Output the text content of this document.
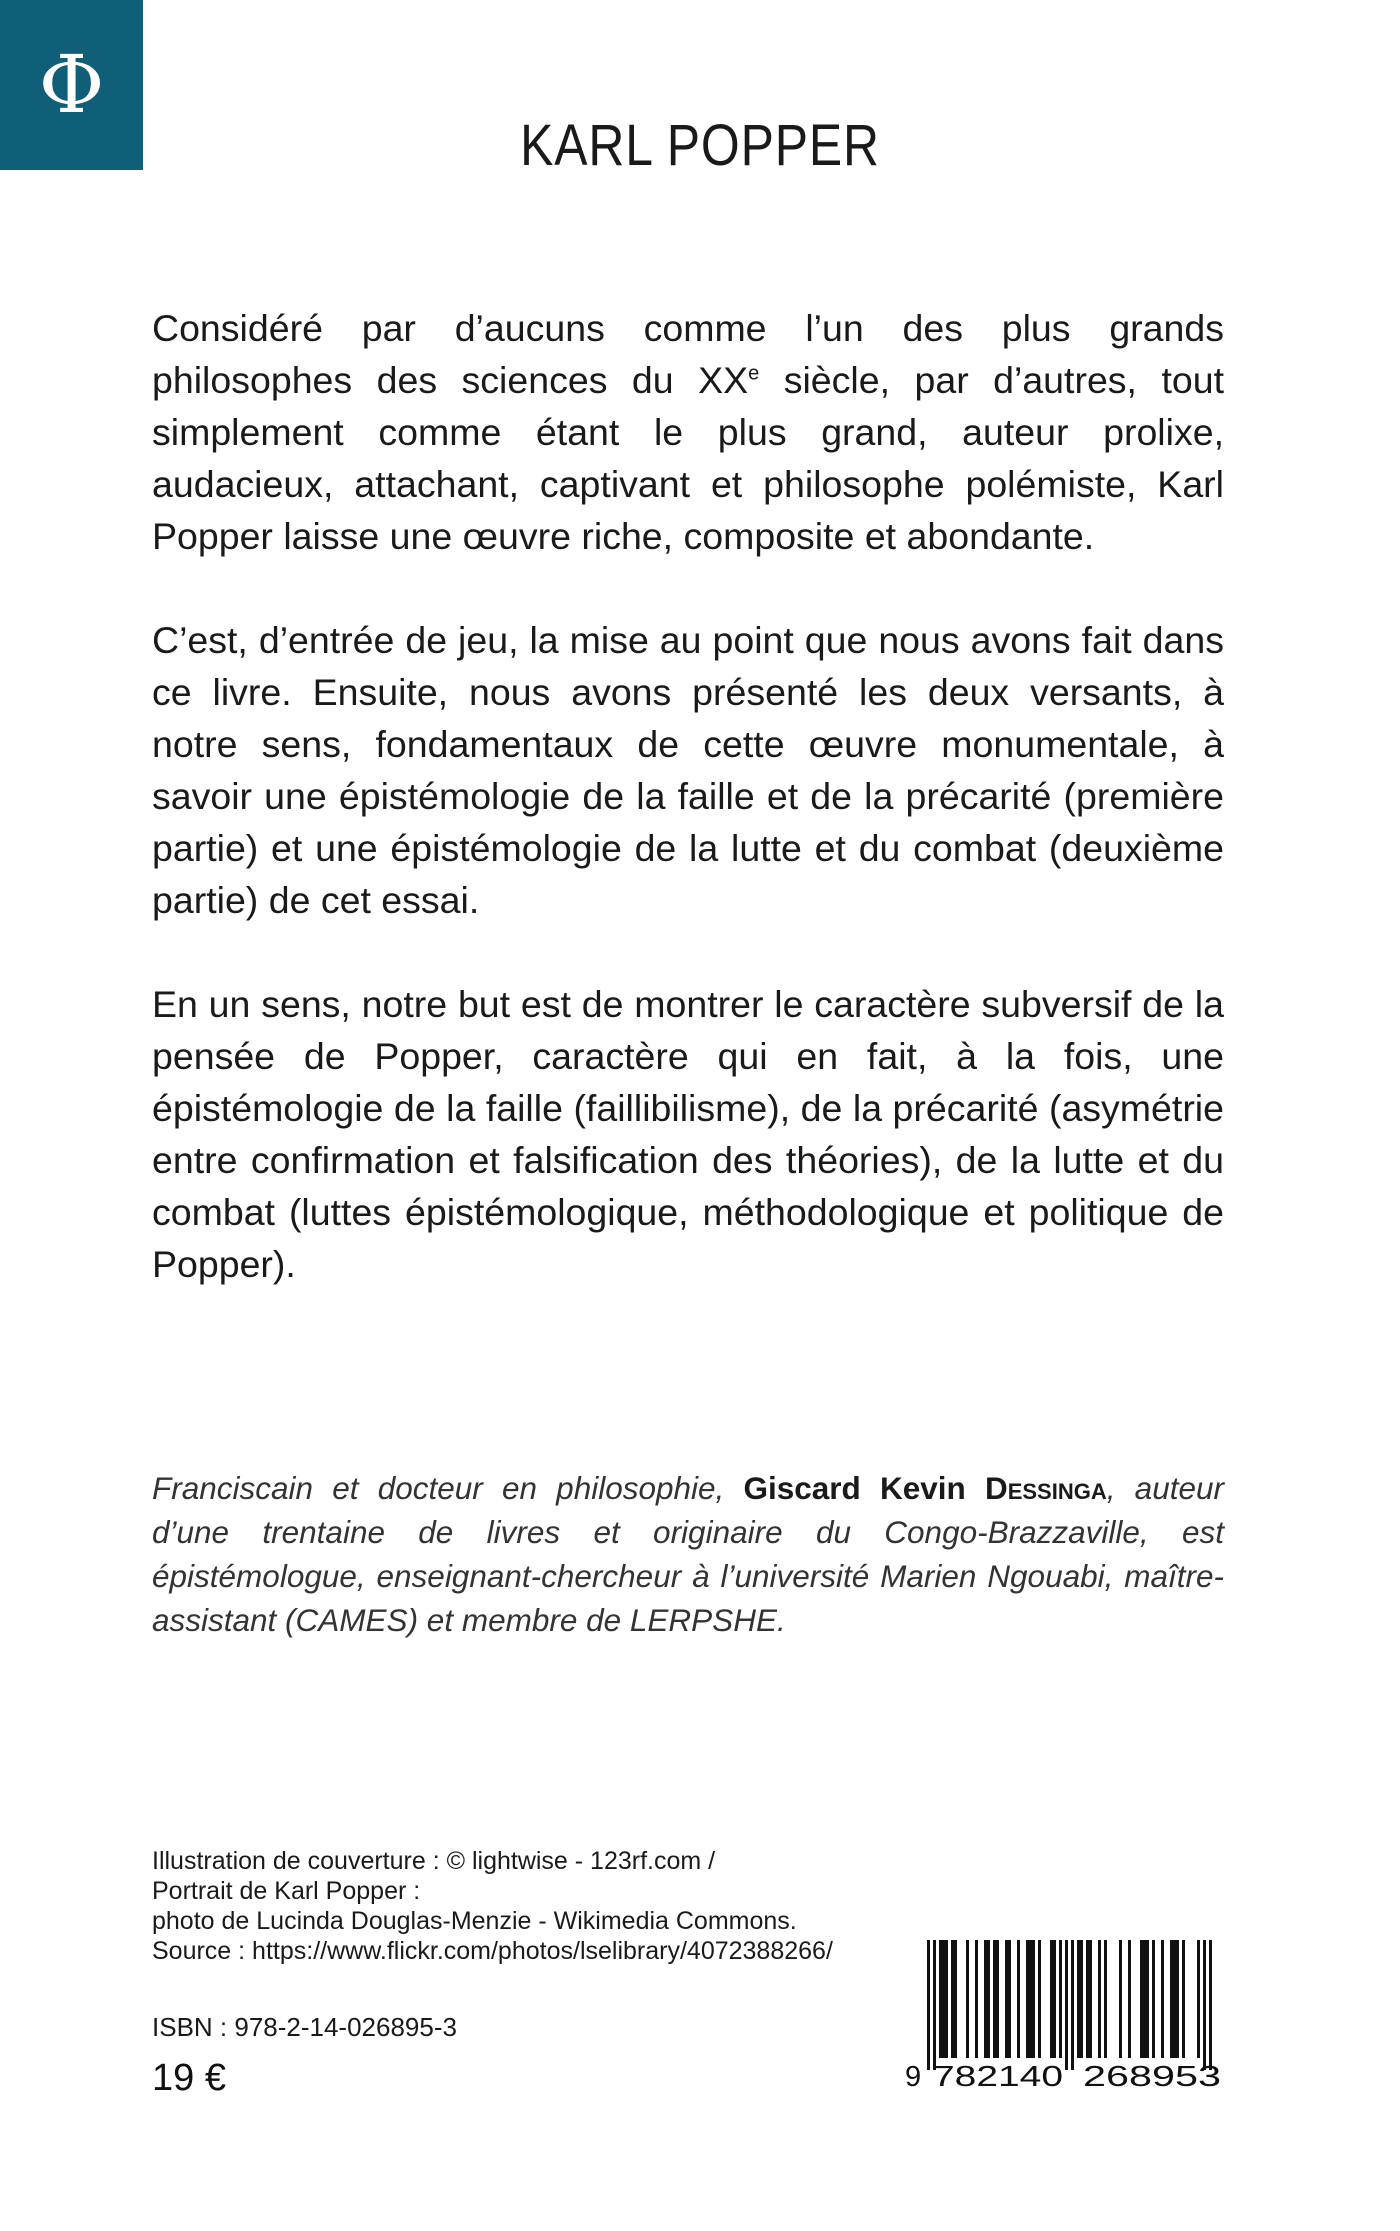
Φ
KARL POPPER

Considéré par d’aucuns comme l’un des plus grands philosophes des sciences du XXe siècle, par d’autres, tout simplement comme étant le plus grand, auteur prolixe, audacieux, attachant, captivant et philosophe polémiste, Karl Popper laisse une œuvre riche, composite et abondante.

C’est, d’entrée de jeu, la mise au point que nous avons fait dans ce livre. Ensuite, nous avons présenté les deux versants, à notre sens, fondamentaux de cette œuvre monumentale, à savoir une épistémologie de la faille et de la précarité (première partie) et une épistémologie de la lutte et du combat (deuxième partie) de cet essai.

En un sens, notre but est de montrer le caractère subversif de la pensée de Popper, caractère qui en fait, à la fois, une épistémologie de la faille (faillibilisme), de la précarité (asymétrie entre confirmation et falsification des théories), de la lutte et du combat (luttes épistémologique, méthodologique et politique de Popper).

Franciscain et docteur en philosophie, Giscard Kevin Dessinga, auteur d’une trentaine de livres et originaire du Congo-Brazzaville, est épistémologue, enseignant-chercheur à l’université Marien Ngouabi, maître-assistant (CAMES) et membre de LERPSHE.

Illustration de couverture : © lightwise - 123rf.com /
Portrait de Karl Popper :
photo de Lucinda Douglas-Menzie - Wikimedia Commons.
Source : https://www.flickr.com/photos/lselibrary/4072388266/
ISBN : 978-2-14-026895-3
19 €	9 782140 268953
